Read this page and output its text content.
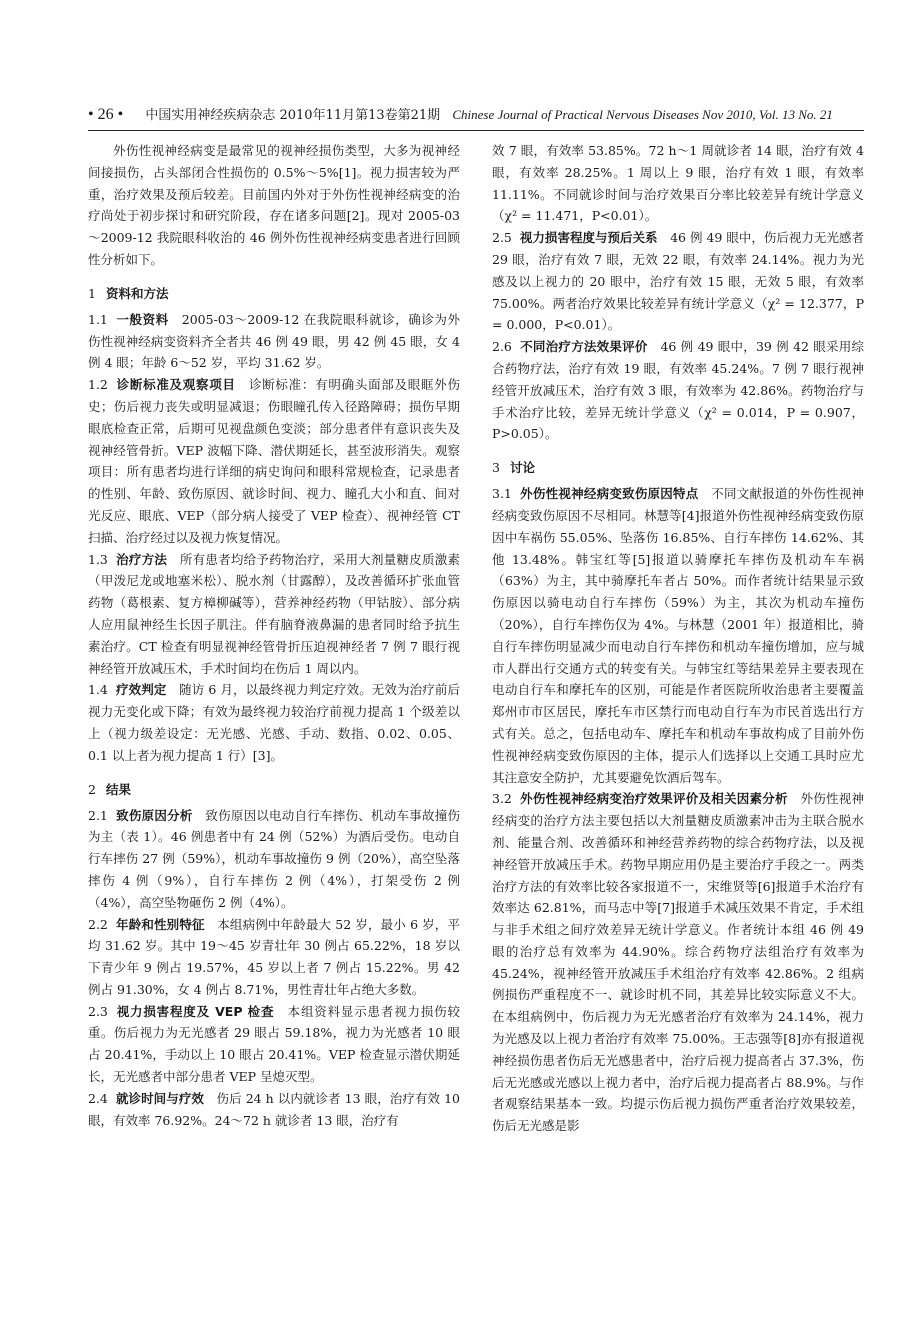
• 26 • 中国实用神经疾病杂志 2010年11月第13卷第21期 Chinese Journal of Practical Nervous Diseases Nov 2010, Vol. 13 No. 21

外伤性视神经病变是最常见的视神经损伤类型，大多为视神经间接损伤，占头部闭合性损伤的 0.5%～5%[1]。视力损害较为严重，治疗效果及预后较差。目前国内外对于外伤性视神经病变的治疗尚处于初步探讨和研究阶段，存在诸多问题[2]。现对 2005-03～2009-12 我院眼科收治的 46 例外伤性视神经病变患者进行回顾性分析如下。

1 资料和方法

1.1 一般资料　 2005-03～2009-12 在我院眼科就诊，确诊为外伤性视神经病变资料齐全者共 46 例 49 眼，男 42 例 45 眼，女 4 例 4 眼；年龄 6～52 岁，平均 31.62 岁。

1.2 诊断标准及观察项目　 诊断标准：有明确头面部及眼眶外伤史；伤后视力丧失或明显减退；伤眼瞳孔传入径路障碍；损伤早期眼底检查正常，后期可见视盘颜色变淡；部分患者伴有意识丧失及视神经管骨折。VEP 波幅下降、潜伏期延长，甚至波形消失。观察项目：所有患者均进行详细的病史询问和眼科常规检查，记录患者的性别、年龄、致伤原因、就诊时间、视力、瞳孔大小和直、间对光反应、眼底、VEP（部分病人接受了 VEP 检查）、视神经管 CT 扫描、治疗经过以及视力恢复情况。

1.3 治疗方法　 所有患者均给予药物治疗，采用大剂量糖皮质激素（甲泼尼龙或地塞米松）、脱水剂（甘露醇），及改善循环扩张血管药物（葛根素、复方樟柳碱等），营养神经药物（甲钴胺）、部分病人应用鼠神经生长因子肌注。伴有脑脊液鼻漏的患者同时给予抗生素治疗。CT 检查有明显视神经管骨折压迫视神经者 7 例 7 眼行视神经管开放减压术，手术时间均在伤后 1 周以内。

1.4 疗效判定　 随访 6 月，以最终视力判定疗效。无效为治疗前后视力无变化或下降；有效为最终视力较治疗前视力提高 1 个级差以上（视力级差设定：无光感、光感、手动、数指、0.02、0.05、0.1 以上者为视力提高 1 行）[3]。

2 结果

2.1 致伤原因分析　 致伤原因以电动自行车摔伤、机动车事故撞伤为主（表 1）。46 例患者中有 24 例（52%）为酒后受伤。电动自行车摔伤 27 例（59%），机动车事故撞伤 9 例（20%），高空坠落摔伤 4 例（9%），自行车摔伤 2 例（4%），打架受伤 2 例（4%），高空坠物砸伤 2 例（4%）。

2.2 年龄和性别特征　 本组病例中年龄最大 52 岁，最小 6 岁，平均 31.62 岁。其中 19～45 岁青壮年 30 例占 65.22%，18 岁以下青少年 9 例占 19.57%，45 岁以上者 7 例占 15.22%。男 42 例占 91.30%，女 4 例占 8.71%，男性青壮年占绝大多数。

2.3 视力损害程度及 VEP 检查　 本组资料显示患者视力损伤较重。伤后视力为无光感者 29 眼占 59.18%，视力为光感者 10 眼占 20.41%，手动以上 10 眼占 20.41%。VEP 检查显示潜伏期延长，无光感者中部分患者 VEP 呈熄灭型。

2.4 就诊时间与疗效　 伤后 24 h 以内就诊者 13 眼，治疗有效 10 眼，有效率 76.92%。24～72 h 就诊者 13 眼，治疗有

效 7 眼，有效率 53.85%。72 h～1 周就诊者 14 眼，治疗有效 4 眼，有效率 28.25%。1 周以上 9 眼，治疗有效 1 眼，有效率 11.11%。不同就诊时间与治疗效果百分率比较差异有统计学意义（χ² = 11.471，P<0.01）。

2.5 视力损害程度与预后关系　 46 例 49 眼中，伤后视力无光感者 29 眼，治疗有效 7 眼，无效 22 眼，有效率 24.14%。视力为光感及以上视力的 20 眼中，治疗有效 15 眼，无效 5 眼，有效率 75.00%。两者治疗效果比较差异有统计学意义（χ² = 12.377，P = 0.000，P<0.01）。

2.6 不同治疗方法效果评价　 46 例 49 眼中，39 例 42 眼采用综合药物疗法，治疗有效 19 眼，有效率 45.24%。7 例 7 眼行视神经管开放减压术，治疗有效 3 眼，有效率为 42.86%。药物治疗与手术治疗比较，差异无统计学意义（χ² = 0.014，P = 0.907，P>0.05）。

3 讨论

3.1 外伤性视神经病变致伤原因特点　 不同文献报道的外伤性视神经病变致伤原因不尽相同。林慧等[4]报道外伤性视神经病变致伤原因中车祸伤 55.05%、坠落伤 16.85%、自行车摔伤 14.62%、其他 13.48%。韩宝红等[5]报道以骑摩托车摔伤及机动车车祸（63%）为主，其中骑摩托车者占 50%。而作者统计结果显示致伤原因以骑电动自行车摔伤（59%）为主，其次为机动车撞伤（20%），自行车摔伤仅为 4%。与林慧（2001 年）报道相比，骑自行车摔伤明显减少而电动自行车摔伤和机动车撞伤增加，应与城市人群出行交通方式的转变有关。与韩宝红等结果差异主要表现在电动自行车和摩托车的区别，可能是作者医院所收治患者主要覆盖郑州市市区居民，摩托车市区禁行而电动自行车为市民首选出行方式有关。总之，包括电动车、摩托车和机动车事故构成了目前外伤性视神经病变致伤原因的主体，提示人们选择以上交通工具时应尤其注意安全防护，尤其要避免饮酒后驾车。

3.2 外伤性视神经病变治疗效果评价及相关因素分析　 外伤性视神经病变的治疗方法主要包括以大剂量糖皮质激素冲击为主联合脱水剂、能量合剂、改善循环和神经营养药物的综合药物疗法，以及视神经管开放减压手术。药物早期应用仍是主要治疗手段之一。两类治疗方法的有效率比较各家报道不一，宋维贤等[6]报道手术治疗有效率达 62.81%，而马志中等[7]报道手术减压效果不肯定，手术组与非手术组之间疗效差异无统计学意义。作者统计本组 46 例 49 眼的治疗总有效率为 44.90%。综合药物疗法组治疗有效率为 45.24%，视神经管开放减压手术组治疗有效率 42.86%。2 组病例损伤严重程度不一、就诊时机不同，其差异比较实际意义不大。在本组病例中，伤后视力为无光感者治疗有效率为 24.14%，视力为光感及以上视力者治疗有效率 75.00%。王志强等[8]亦有报道视神经损伤患者伤后无光感患者中，治疗后视力提高者占 37.3%，伤后无光感或光感以上视力者中，治疗后视力提高者占 88.9%。与作者观察结果基本一致。均提示伤后视力损伤严重者治疗效果较差，伤后无光感是影
